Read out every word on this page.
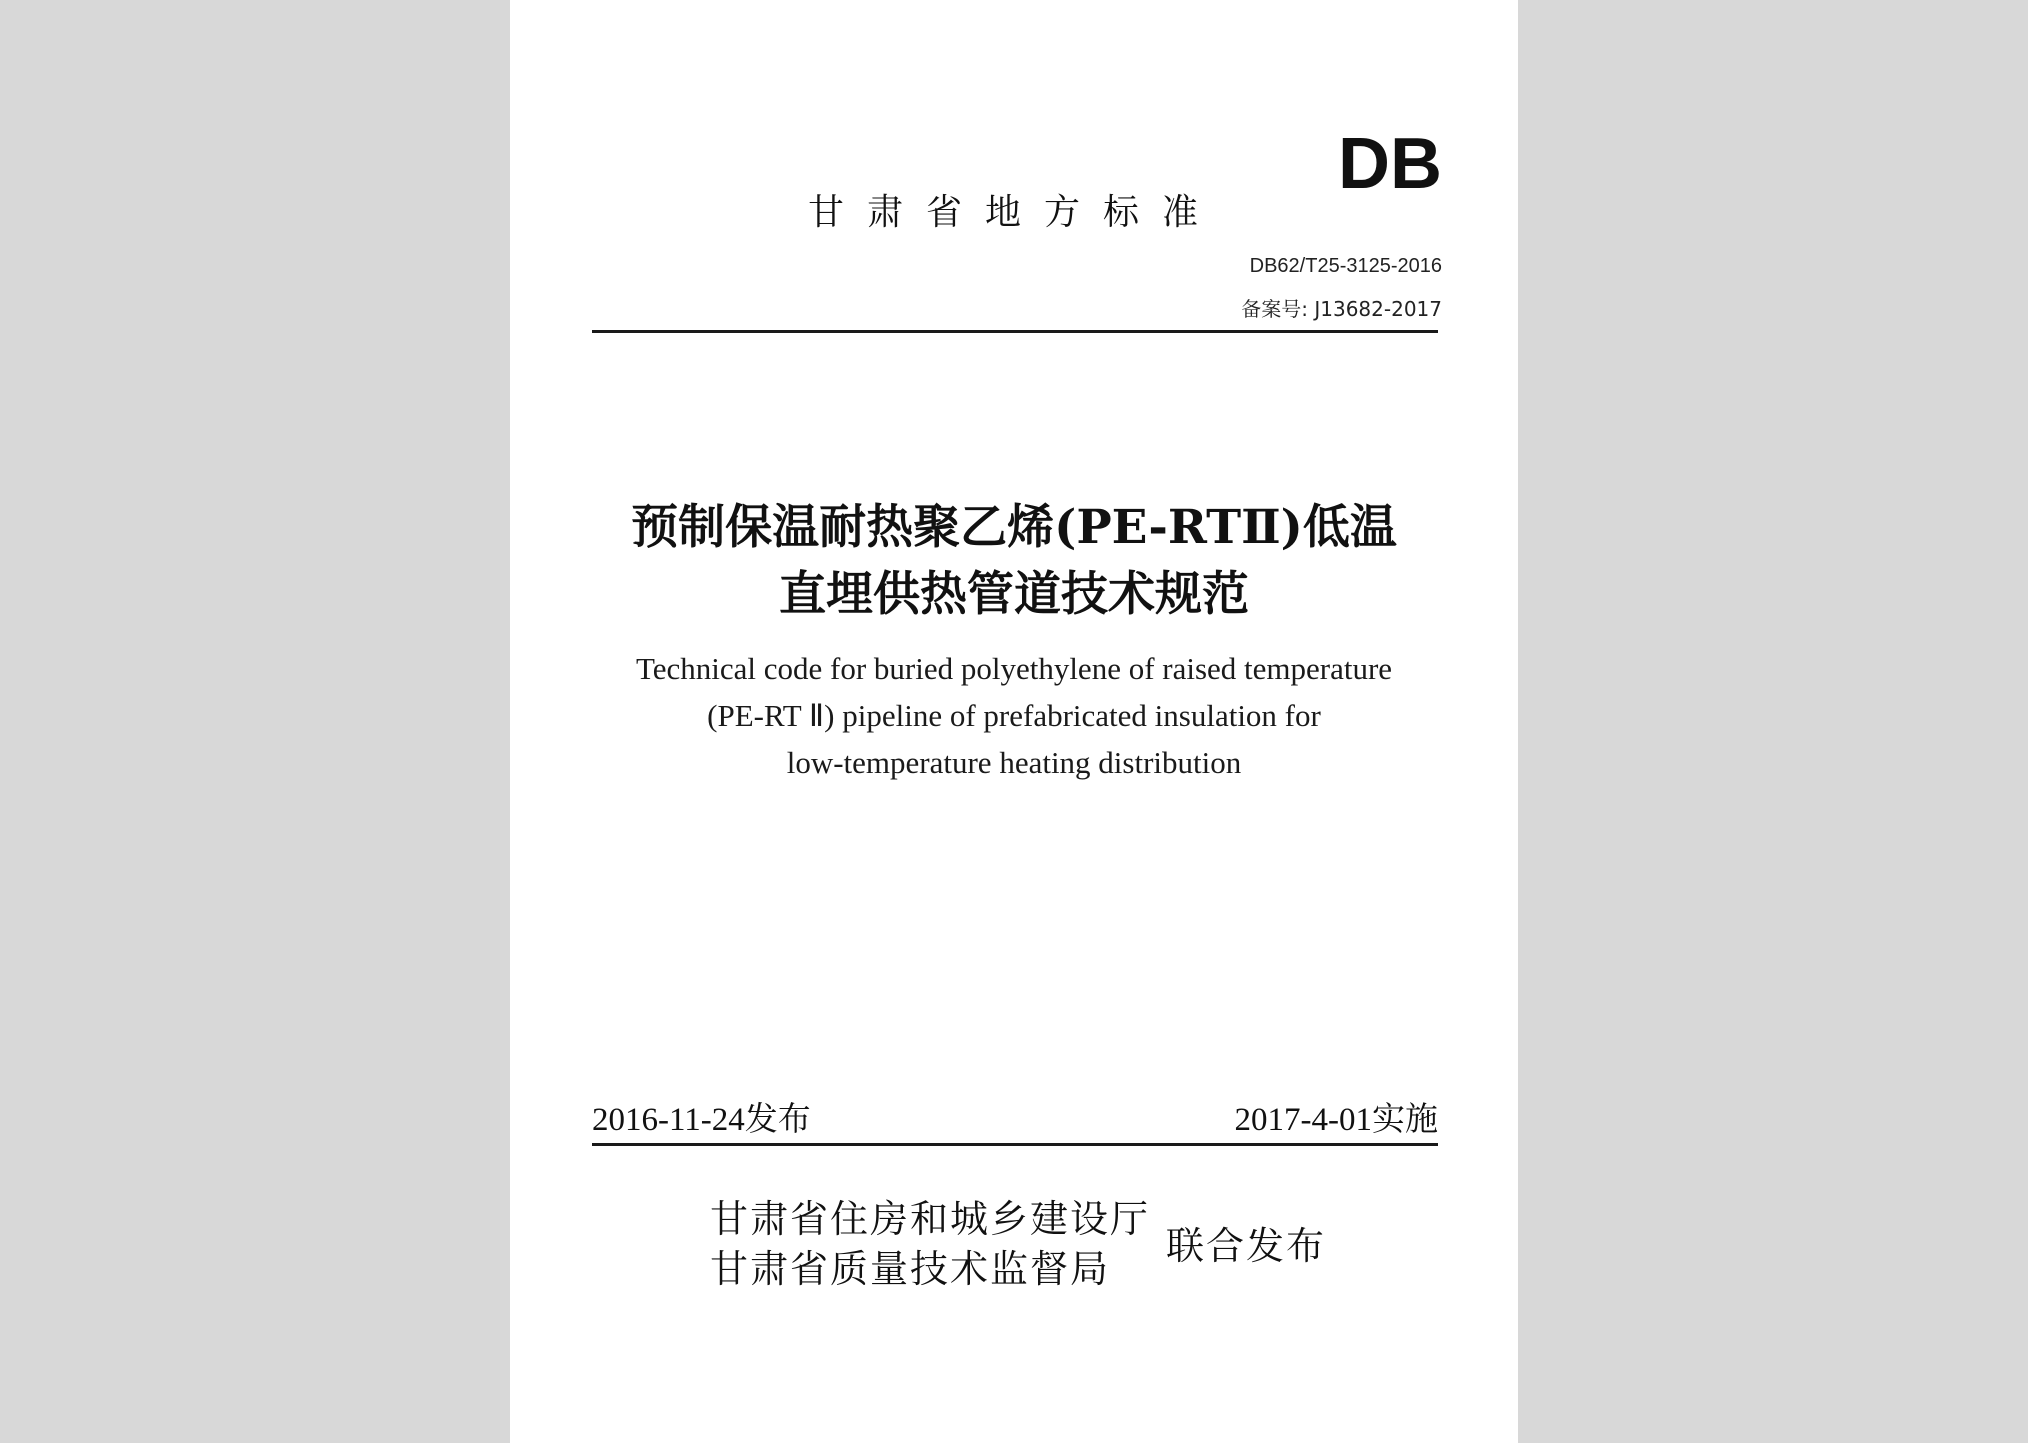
甘肃省地方标准
DB
DB62/T25-3125-2016
备案号: J13682-2017
预制保温耐热聚乙烯(PE-RTⅡ)低温
直埋供热管道技术规范
Technical code for buried polyethylene of raised temperature
(PE-RT Ⅱ) pipeline of prefabricated insulation for
low-temperature heating distribution
2016-11-24发布	2017-4-01实施
甘肃省住房和城乡建设厅
甘肃省质量技术监督局
联合发布
